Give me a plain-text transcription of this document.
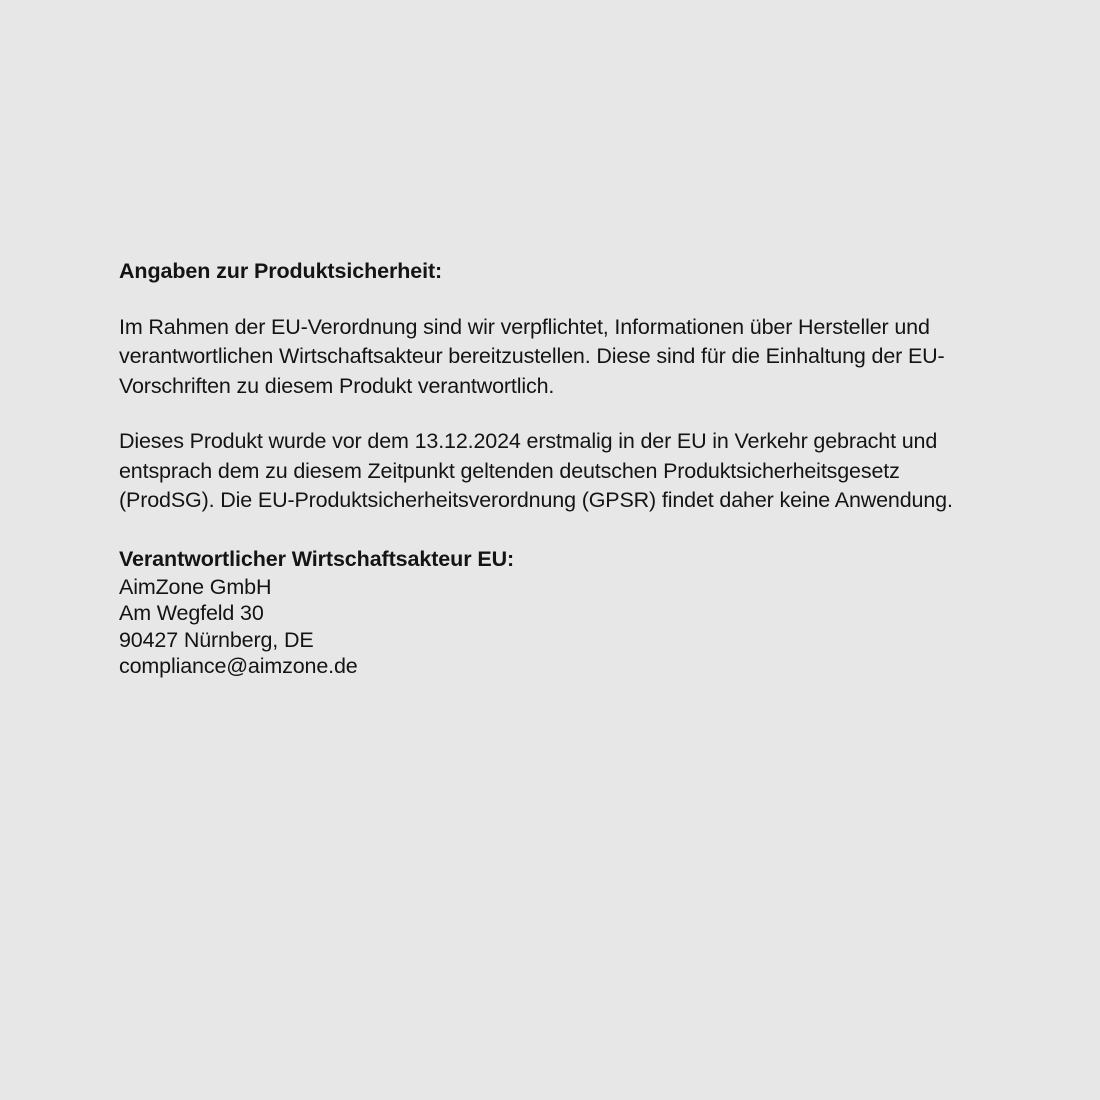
Angaben zur Produktsicherheit:

Im Rahmen der EU-Verordnung sind wir verpflichtet, Informationen über Hersteller und verantwortlichen Wirtschaftsakteur bereitzustellen. Diese sind für die Einhaltung der EU-Vorschriften zu diesem Produkt verantwortlich.

Dieses Produkt wurde vor dem 13.12.2024 erstmalig in der EU in Verkehr gebracht und entsprach dem zu diesem Zeitpunkt geltenden deutschen Produktsicherheitsgesetz (ProdSG). Die EU-Produktsicherheitsverordnung (GPSR) findet daher keine Anwendung.

Verantwortlicher Wirtschaftsakteur EU:

AimZone GmbH

Am Wegfeld 30

90427 Nürnberg, DE

compliance@aimzone.de
